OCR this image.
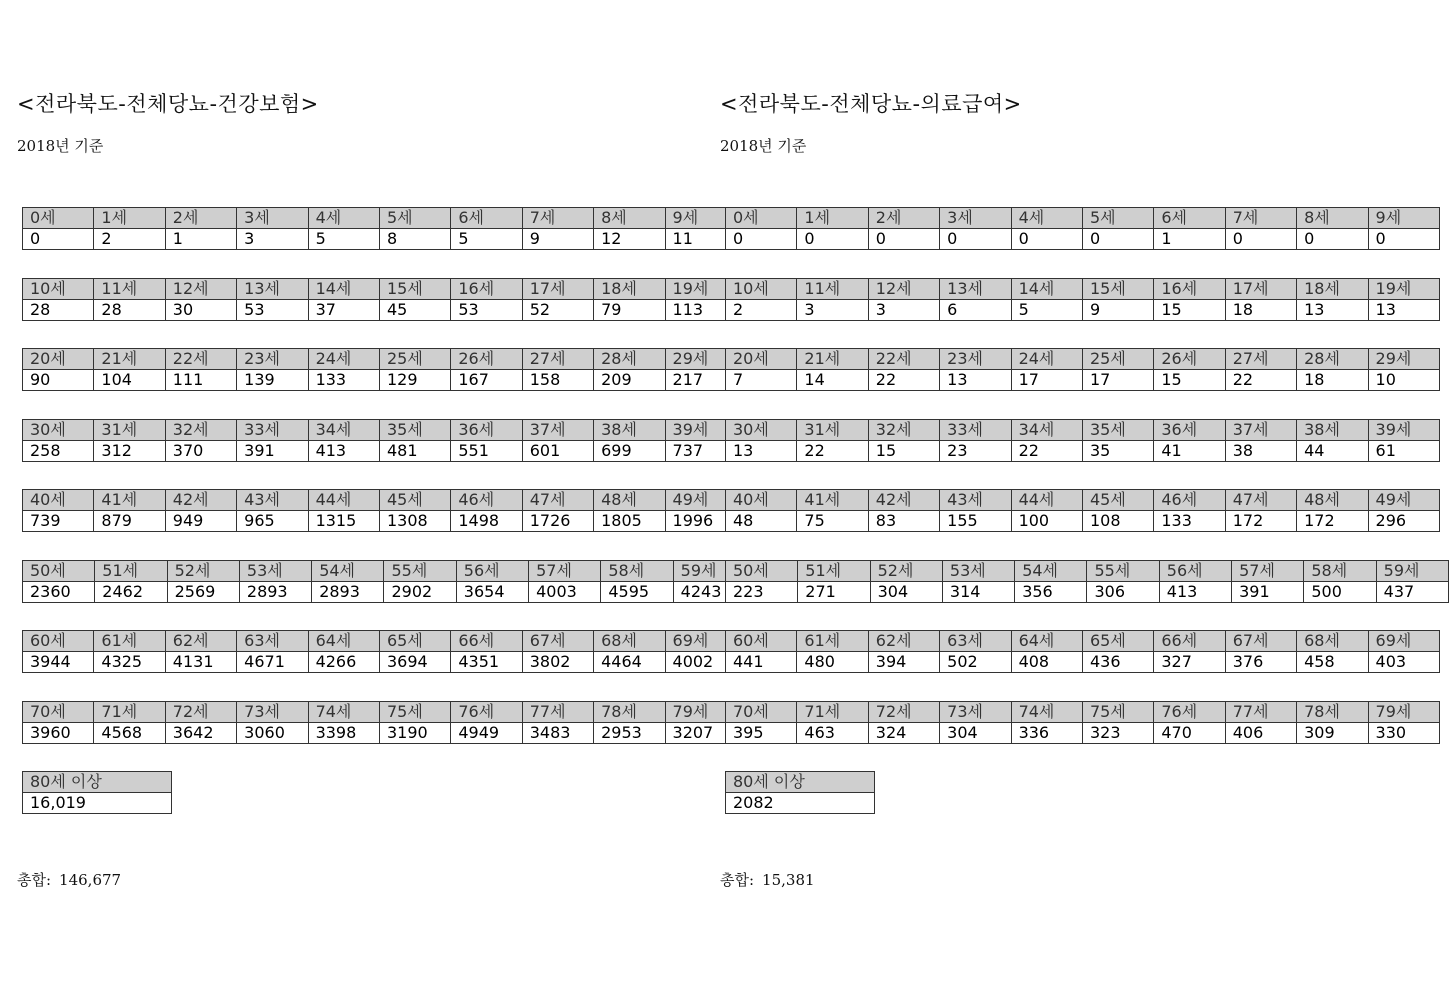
<전라북도-전체당뇨-건강보험>
2018년 기준
0세	1세	2세	3세	4세	5세	6세	7세	8세	9세
0	2	1	3	5	8	5	9	12	11
10세	11세	12세	13세	14세	15세	16세	17세	18세	19세
28	28	30	53	37	45	53	52	79	113
20세	21세	22세	23세	24세	25세	26세	27세	28세	29세
90	104	111	139	133	129	167	158	209	217
30세	31세	32세	33세	34세	35세	36세	37세	38세	39세
258	312	370	391	413	481	551	601	699	737
40세	41세	42세	43세	44세	45세	46세	47세	48세	49세
739	879	949	965	1315	1308	1498	1726	1805	1996
50세	51세	52세	53세	54세	55세	56세	57세	58세	59세
2360	2462	2569	2893	2893	2902	3654	4003	4595	4243
60세	61세	62세	63세	64세	65세	66세	67세	68세	69세
3944	4325	4131	4671	4266	3694	4351	3802	4464	4002
70세	71세	72세	73세	74세	75세	76세	77세	78세	79세
3960	4568	3642	3060	3398	3190	4949	3483	2953	3207
80세 이상
16,019
총합: 146,677
<전라북도-전체당뇨-의료급여>
2018년 기준
0세	1세	2세	3세	4세	5세	6세	7세	8세	9세
0	0	0	0	0	0	1	0	0	0
10세	11세	12세	13세	14세	15세	16세	17세	18세	19세
2	3	3	6	5	9	15	18	13	13
20세	21세	22세	23세	24세	25세	26세	27세	28세	29세
7	14	22	13	17	17	15	22	18	10
30세	31세	32세	33세	34세	35세	36세	37세	38세	39세
13	22	15	23	22	35	41	38	44	61
40세	41세	42세	43세	44세	45세	46세	47세	48세	49세
48	75	83	155	100	108	133	172	172	296
50세	51세	52세	53세	54세	55세	56세	57세	58세	59세
223	271	304	314	356	306	413	391	500	437
60세	61세	62세	63세	64세	65세	66세	67세	68세	69세
441	480	394	502	408	436	327	376	458	403
70세	71세	72세	73세	74세	75세	76세	77세	78세	79세
395	463	324	304	336	323	470	406	309	330
80세 이상
2082
총합: 15,381
